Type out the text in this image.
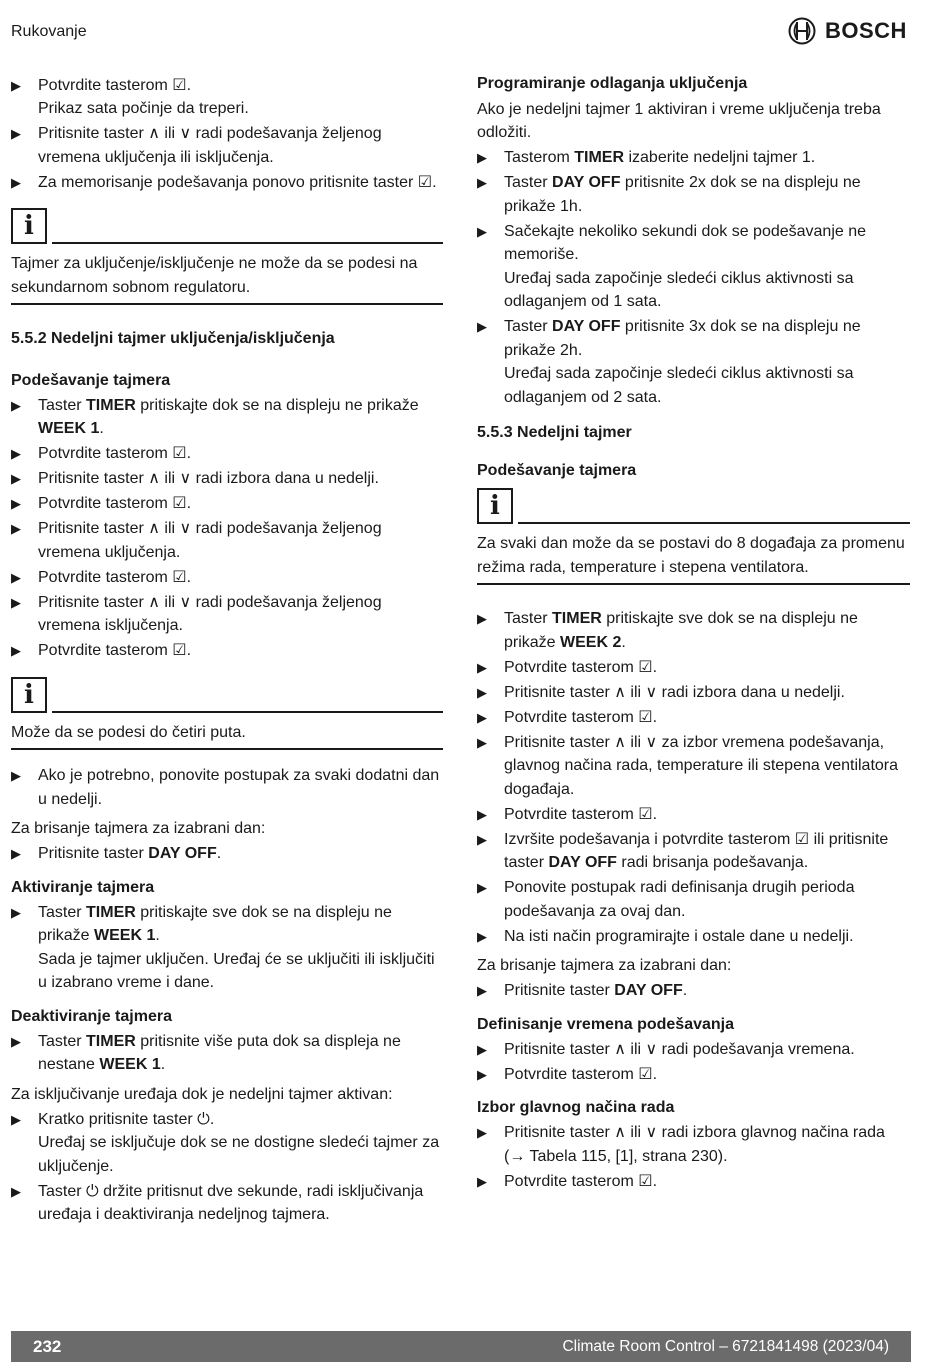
Rukovanje	BOSCH
▶ Potvrdite tasterom ☑.
Prikaz sata počinje da treperi.
▶ Pritisnite taster ∧ ili ∨ radi podešavanja željenog vremena uključenja ili isključenja.
▶ Za memorisanje podešavanja ponovo pritisnite taster ☑.
i
Tajmer za uključenje/isključenje ne može da se podesi na sekundarnom sobnom regulatoru.
5.5.2 Nedeljni tajmer uključenja/isključenja
Podešavanje tajmera
▶ Taster TIMER pritiskajte dok se na displeju ne prikaže WEEK 1.
▶ Potvrdite tasterom ☑.
▶ Pritisnite taster ∧ ili ∨ radi izbora dana u nedelji.
▶ Potvrdite tasterom ☑.
▶ Pritisnite taster ∧ ili ∨ radi podešavanja željenog vremena uključenja.
▶ Potvrdite tasterom ☑.
▶ Pritisnite taster ∧ ili ∨ radi podešavanja željenog vremena isključenja.
▶ Potvrdite tasterom ☑.
i
Može da se podesi do četiri puta.
▶ Ako je potrebno, ponovite postupak za svaki dodatni dan u nedelji.
Za brisanje tajmera za izabrani dan:
▶ Pritisnite taster DAY OFF.
Aktiviranje tajmera
▶ Taster TIMER pritiskajte sve dok se na displeju ne prikaže WEEK 1.
Sada je tajmer uključen. Uređaj će se uključiti ili isključiti u izabrano vreme i dane.
Deaktiviranje tajmera
▶ Taster TIMER pritisnite više puta dok sa displeja ne nestane WEEK 1.
Za isključivanje uređaja dok je nedeljni tajmer aktivan:
▶ Kratko pritisnite taster ⏻.
Uređaj se isključuje dok se ne dostigne sledeći tajmer za uključenje.
▶ Taster ⏻ držite pritisnut dve sekunde, radi isključivanja uređaja i deaktiviranja nedeljnog tajmera.
Programiranje odlaganja uključenja
Ako je nedeljni tajmer 1 aktiviran i vreme uključenja treba odložiti.
▶ Tasterom TIMER izaberite nedeljni tajmer 1.
▶ Taster DAY OFF pritisnite 2x dok se na displeju ne prikaže 1h.
▶ Sačekajte nekoliko sekundi dok se podešavanje ne memoriše.
Uređaj sada započinje sledeći ciklus aktivnosti sa odlaganjem od 1 sata.
▶ Taster DAY OFF pritisnite 3x dok se na displeju ne prikaže 2h.
Uređaj sada započinje sledeći ciklus aktivnosti sa odlaganjem od 2 sata.
5.5.3 Nedeljni tajmer
Podešavanje tajmera
i
Za svaki dan može da se postavi do 8 događaja za promenu režima rada, temperature i stepena ventilatora.
▶ Taster TIMER pritiskajte sve dok se na displeju ne prikaže WEEK 2.
▶ Potvrdite tasterom ☑.
▶ Pritisnite taster ∧ ili ∨ radi izbora dana u nedelji.
▶ Potvrdite tasterom ☑.
▶ Pritisnite taster ∧ ili ∨ za izbor vremena podešavanja, glavnog načina rada, temperature ili stepena ventilatora događaja.
▶ Potvrdite tasterom ☑.
▶ Izvršite podešavanja i potvrdite tasterom ☑ ili pritisnite taster DAY OFF radi brisanja podešavanja.
▶ Ponovite postupak radi definisanja drugih perioda podešavanja za ovaj dan.
▶ Na isti način programirajte i ostale dane u nedelji.
Za brisanje tajmera za izabrani dan:
▶ Pritisnite taster DAY OFF.
Definisanje vremena podešavanja
▶ Pritisnite taster ∧ ili ∨ radi podešavanja vremena.
▶ Potvrdite tasterom ☑.
Izbor glavnog načina rada
▶ Pritisnite taster ∧ ili ∨ radi izbora glavnog načina rada (→ Tabela 115, [1], strana 230).
▶ Potvrdite tasterom ☑.
232	Climate Room Control – 6721841498 (2023/04)
